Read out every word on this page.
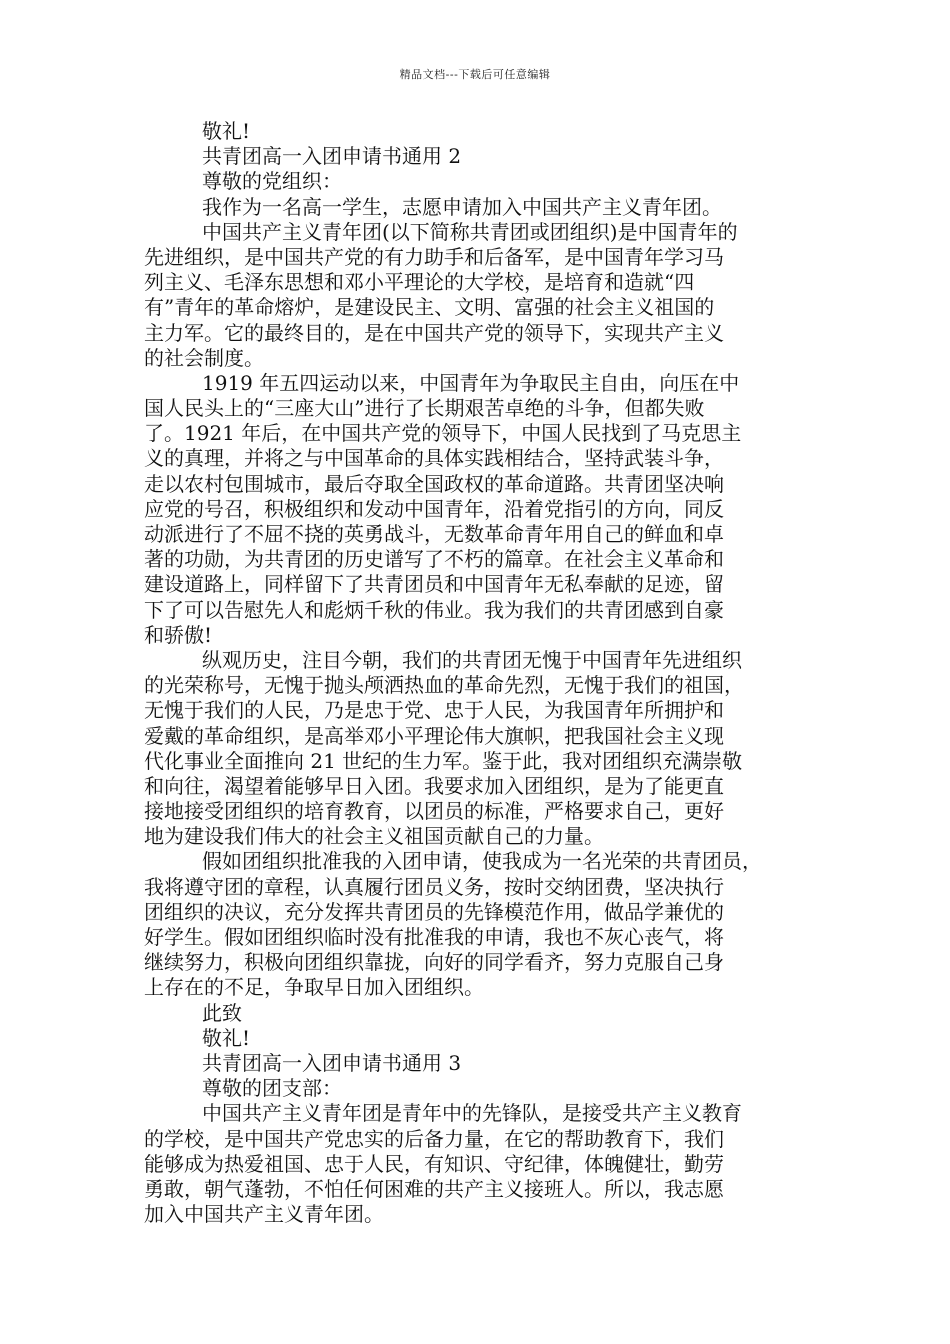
精品文档---下载后可任意编辑
敬礼!
共青团高一入团申请书通用 2
尊敬的党组织：
我作为一名高一学生，志愿申请加入中国共产主义青年团。
中国共产主义青年团(以下简称共青团或团组织)是中国青年的
先进组织，是中国共产党的有力助手和后备军，是中国青年学习马
列主义、毛泽东思想和邓小平理论的大学校，是培育和造就“四
有”青年的革命熔炉，是建设民主、文明、富强的社会主义祖国的
主力军。它的最终目的，是在中国共产党的领导下，实现共产主义
的社会制度。
1919 年五四运动以来，中国青年为争取民主自由，向压在中
国人民头上的“三座大山”进行了长期艰苦卓绝的斗争，但都失败
了。1921 年后，在中国共产党的领导下，中国人民找到了马克思主
义的真理，并将之与中国革命的具体实践相结合，坚持武装斗争，
走以农村包围城市，最后夺取全国政权的革命道路。共青团坚决响
应党的号召，积极组织和发动中国青年，沿着党指引的方向，同反
动派进行了不屈不挠的英勇战斗，无数革命青年用自己的鲜血和卓
著的功勋，为共青团的历史谱写了不朽的篇章。在社会主义革命和
建设道路上，同样留下了共青团员和中国青年无私奉献的足迹，留
下了可以告慰先人和彪炳千秋的伟业。我为我们的共青团感到自豪
和骄傲!
纵观历史，注目今朝，我们的共青团无愧于中国青年先进组织
的光荣称号，无愧于抛头颅洒热血的革命先烈，无愧于我们的祖国，
无愧于我们的人民，乃是忠于党、忠于人民，为我国青年所拥护和
爱戴的革命组织，是高举邓小平理论伟大旗帜，把我国社会主义现
代化事业全面推向 21 世纪的生力军。鉴于此，我对团组织充满崇敬
和向往，渴望着能够早日入团。我要求加入团组织，是为了能更直
接地接受团组织的培育教育，以团员的标准，严格要求自己，更好
地为建设我们伟大的社会主义祖国贡献自己的力量。
假如团组织批准我的入团申请，使我成为一名光荣的共青团员，
我将遵守团的章程，认真履行团员义务，按时交纳团费，坚决执行
团组织的决议，充分发挥共青团员的先锋模范作用，做品学兼优的
好学生。假如团组织临时没有批准我的申请，我也不灰心丧气，将
继续努力，积极向团组织靠拢，向好的同学看齐，努力克服自己身
上存在的不足，争取早日加入团组织。
此致
敬礼!
共青团高一入团申请书通用 3
尊敬的团支部：
中国共产主义青年团是青年中的先锋队，是接受共产主义教育
的学校，是中国共产党忠实的后备力量，在它的帮助教育下，我们
能够成为热爱祖国、忠于人民，有知识、守纪律，体魄健壮，勤劳
勇敢，朝气蓬勃，不怕任何困难的共产主义接班人。所以，我志愿
加入中国共产主义青年团。
